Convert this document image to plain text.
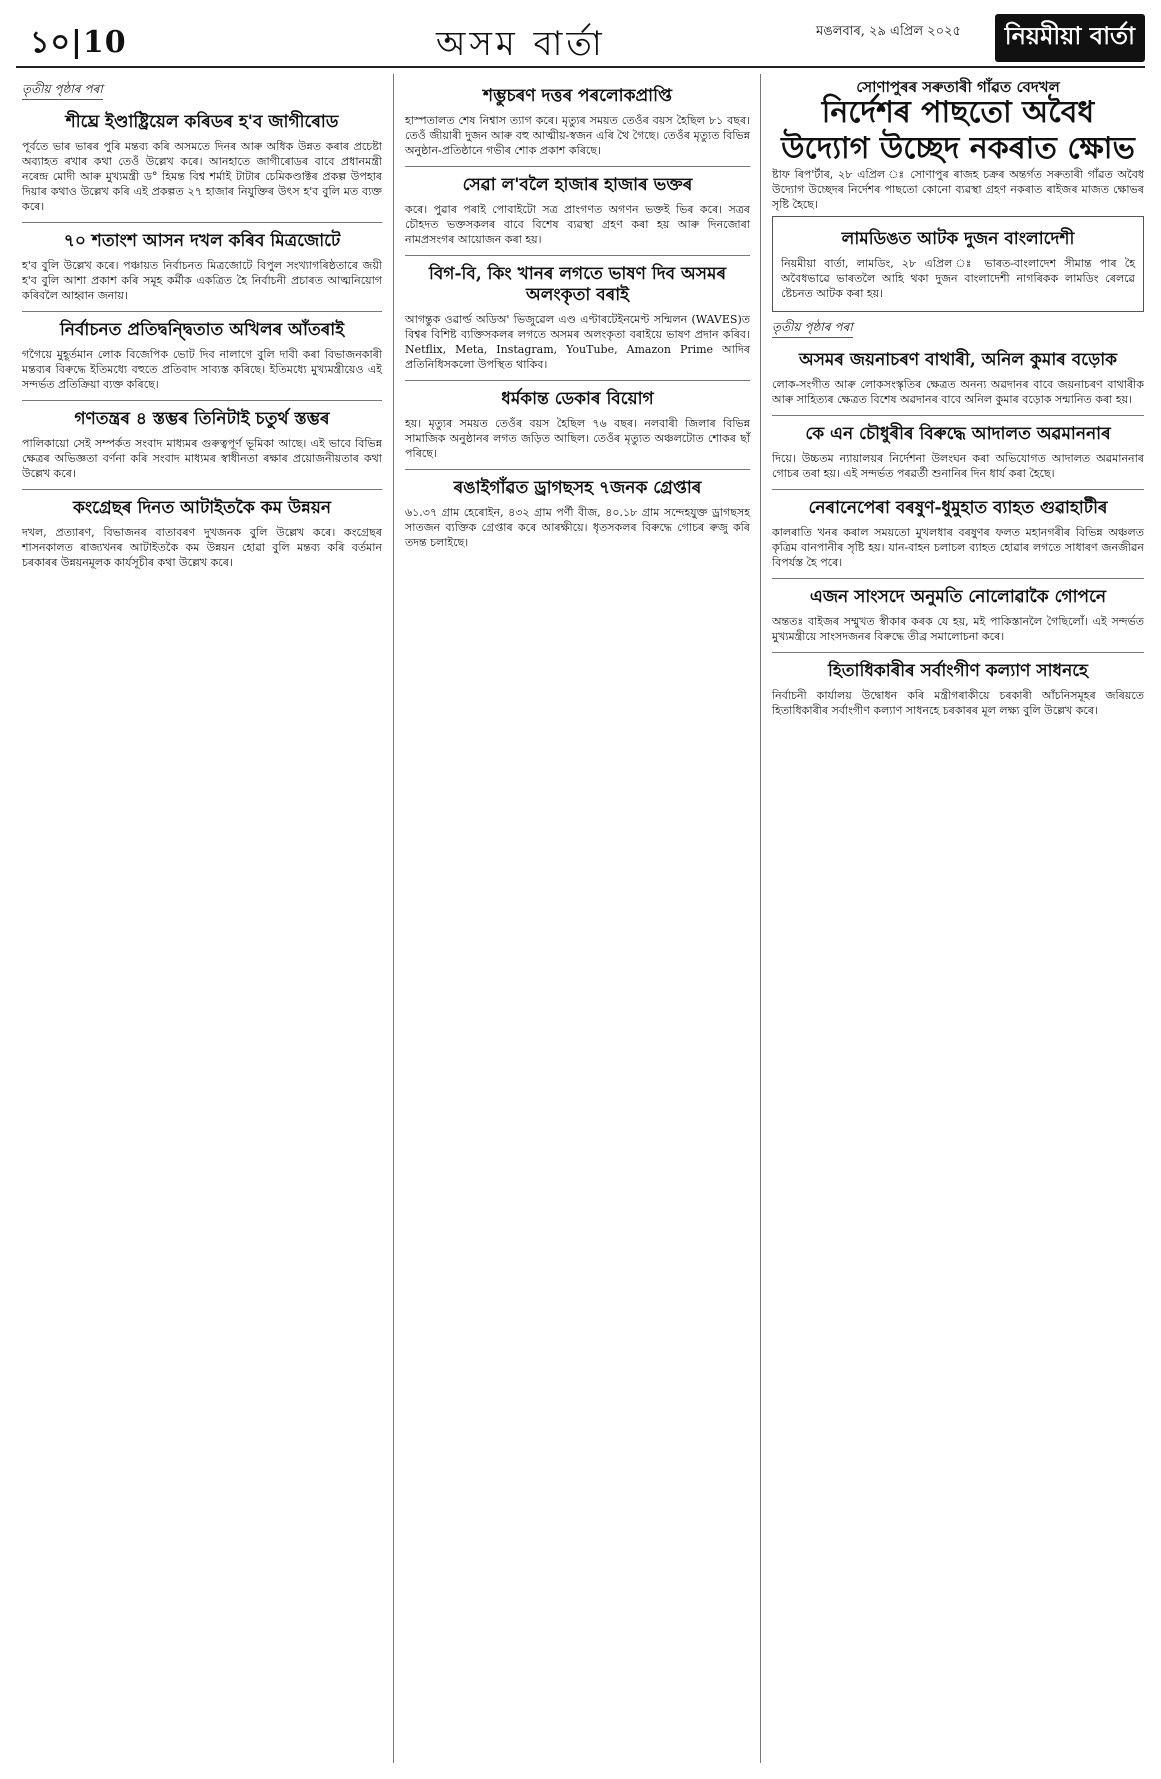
১০|10	অসম বাৰ্তা	মঙলবাৰ, ২৯ এপ্ৰিল ২০২৫	নিয়মীয়া বাৰ্তা
তৃতীয় পৃষ্ঠাৰ পৰা
শীঘ্ৰে ইণ্ডাষ্ট্ৰিয়েল কৰিডৰ হ'ব জাগীৰোড

পূৰ্বতে ভাৰ ভাৰৰ পুৰি মন্তব্য কৰি অসমতে দিনৰ আৰু অধিক উন্নত কৰাৰ প্ৰচেষ্টা অব্যাহত ৰখাৰ কথা তেওঁ উল্লেখ কৰে। আনহাতে জাগীৰোডৰ বাবে প্ৰধানমন্ত্ৰী নৰেন্দ্ৰ মোদী আৰু মুখ্যমন্ত্ৰী ড° হিমন্ত বিশ্ব শৰ্মাই টাটাৰ চেমিকণ্ডাক্টৰ প্ৰকল্প উপহাৰ দিয়াৰ কথাও উল্লেখ কৰি এই প্ৰকল্পত ২৭ হাজাৰ নিযুক্তিৰ উৎস হ'ব বুলি মত ব্যক্ত কৰে।

৭০ শতাংশ আসন দখল কৰিব মিত্ৰজোটে

হ'ব বুলি উল্লেখ কৰে। পঞ্চায়ত নিৰ্বাচনত মিত্ৰজোটে বিপুল সংখ্যাগৰিষ্ঠতাৰে জয়ী হ'ব বুলি আশা প্ৰকাশ কৰি সমূহ কৰ্মীক একত্ৰিত হৈ নিৰ্বাচনী প্ৰচাৰত আত্মনিয়োগ কৰিবলৈ আহ্বান জনায়।

নিৰ্বাচনত প্ৰতিদ্বন্দ্বিতাত অখিলৰ আঁতৰাই

গগৈয়ে মুহূৰ্তমান লোক বিজেপিক ভোট দিব নালাগে বুলি দাবী কৰা বিভাজনকাৰী মন্তব্যৰ বিৰুদ্ধে ইতিমধ্যে বহুতে প্ৰতিবাদ সাব্যস্ত কৰিছে। ইতিমধ্যে মুখ্যমন্ত্ৰীয়েও এই সন্দৰ্ভত প্ৰতিক্ৰিয়া ব্যক্ত কৰিছে।

গণতন্ত্ৰৰ ৪ স্তম্ভৰ তিনিটাই চতুৰ্থ স্তম্ভৰ

পালিকায়ো সেই সম্পৰ্কত সংবাদ মাধ্যমৰ গুৰুত্বপূৰ্ণ ভূমিকা আছে। এই ভাবে বিভিন্ন ক্ষেত্ৰৰ অভিজ্ঞতা বৰ্ণনা কৰি সংবাদ মাধ্যমৰ স্বাধীনতা ৰক্ষাৰ প্ৰয়োজনীয়তাৰ কথা উল্লেখ কৰে।

কংগ্ৰেছৰ দিনত আটাইতকৈ কম উন্নয়ন

দখল, প্ৰত্যাৰণ, বিভাজনৰ বাতাবৰণ দুখজনক বুলি উল্লেখ কৰে। কংগ্ৰেছৰ শাসনকালত ৰাজ্যখনৰ আটাইতকৈ কম উন্নয়ন হোৱা বুলি মন্তব্য কৰি বৰ্তমান চৰকাৰৰ উন্নয়নমূলক কাৰ্যসূচীৰ কথা উল্লেখ কৰে।

শম্ভুচৰণ দত্তৰ পৰলোকপ্ৰাপ্তি

হাস্পতালত শেষ নিশ্বাস ত্যাগ কৰে। মৃত্যুৰ সময়ত তেওঁৰ বয়স হৈছিল ৮১ বছৰ। তেওঁ জীয়াৰী দুজন আৰু বহু আত্মীয়-স্বজন এৰি থৈ গৈছে। তেওঁৰ মৃত্যুত বিভিন্ন অনুষ্ঠান-প্ৰতিষ্ঠানে গভীৰ শোক প্ৰকাশ কৰিছে।

সেৱা ল'বলৈ হাজাৰ হাজাৰ ভক্তৰ

কৰে। পুৱাৰ পৰাই পোবাইটো সত্ৰ প্ৰাংগণত অগণন ভক্তই ভিৰ কৰে। সত্ৰৰ চৌহদত ভক্তসকলৰ বাবে বিশেষ ব্যৱস্থা গ্ৰহণ কৰা হয় আৰু দিনজোৰা নামপ্ৰসংগৰ আয়োজন কৰা হয়।

বিগ-বি, কিং খানৰ লগতে ভাষণ দিব অসমৰ অলংকৃতা বৰাই

আগন্তুক ওৱাৰ্ল্ড অডিঅ' ভিজুৱেল এণ্ড এণ্টাৰটেইনমেণ্ট সন্মিলন (WAVES)ত বিশ্বৰ বিশিষ্ট ব্যক্তিসকলৰ লগতে অসমৰ অলংকৃতা বৰাইয়ে ভাষণ প্ৰদান কৰিব। Netflix, Meta, Instagram, YouTube, Amazon Prime আদিৰ প্ৰতিনিধিসকলো উপস্থিত থাকিব।

ধৰ্মকান্ত ডেকাৰ বিয়োগ

হয়। মৃত্যুৰ সময়ত তেওঁৰ বয়স হৈছিল ৭৬ বছৰ। নলবাৰী জিলাৰ বিভিন্ন সামাজিক অনুষ্ঠানৰ লগত জড়িত আছিল। তেওঁৰ মৃত্যুত অঞ্চলটোত শোকৰ ছাঁ পৰিছে।

ৰঙাইগাঁৱত ড্ৰাগছসহ ৭জনক গ্ৰেপ্তাৰ

৬১.৩৭ গ্ৰাম হেৰোইন, ৪৩২ গ্ৰাম পৰ্ণী বীজ, ৪০.১৮ গ্ৰাম সন্দেহযুক্ত ড্ৰাগছসহ সাতজন ব্যক্তিক গ্ৰেপ্তাৰ কৰে আৰক্ষীয়ে। ধৃতসকলৰ বিৰুদ্ধে গোচৰ ৰুজু কৰি তদন্ত চলাইছে।

সোণাপুৰৰ সৰুতাৰী গাঁৱত বেদখল
নিৰ্দেশৰ পাছতো অবৈধ
উদ্যোগ উচ্ছেদ নকৰাত ক্ষোভ

ষ্টাফ ৰিপ'ৰ্টাৰ, ২৮ এপ্ৰিল ঃ সোণাপুৰ ৰাজহ চক্ৰৰ অন্তৰ্গত সৰুতাৰী গাঁৱত অবৈধ উদ্যোগ উচ্ছেদৰ নিৰ্দেশৰ পাছতো কোনো ব্যৱস্থা গ্ৰহণ নকৰাত ৰাইজৰ মাজত ক্ষোভৰ সৃষ্টি হৈছে।

লামডিঙত আটক দুজন বাংলাদেশী

নিয়মীয়া বাৰ্তা, লামডিং, ২৮ এপ্ৰিল ঃ ভাৰত-বাংলাদেশ সীমান্ত পাৰ হৈ অবৈধভাৱে ভাৰতলৈ আহি থকা দুজন বাংলাদেশী নাগৰিকক লামডিং ৰেলৱে ষ্টেচনত আটক কৰা হয়।

তৃতীয় পৃষ্ঠাৰ পৰা
অসমৰ জয়নাচৰণ বাথাৰী, অনিল কুমাৰ বড়োক

লোক-সংগীত আৰু লোকসংস্কৃতিৰ ক্ষেত্ৰত অনন্য অৱদানৰ বাবে জয়নাচৰণ বাথাৰীক আৰু সাহিত্যৰ ক্ষেত্ৰত বিশেষ অৱদানৰ বাবে অনিল কুমাৰ বড়োক সন্মানিত কৰা হয়।

কে এন চৌধুৰীৰ বিৰুদ্ধে আদালত অৱমাননাৰ

দিয়ে। উচ্চতম ন্যায়ালয়ৰ নিৰ্দেশনা উলংঘন কৰা অভিযোগত আদালত অৱমাননাৰ গোচৰ তৰা হয়। এই সন্দৰ্ভত পৰৱৰ্তী শুনানিৰ দিন ধাৰ্য কৰা হৈছে।

নেৰানেপেৰা বৰষুণ-ধুমুহাত ব্যাহত গুৱাহাটীৰ

কালৰাতি খনৰ কৰাল সময়তো মুখলধাৰ বৰষুণৰ ফলত মহানগৰীৰ বিভিন্ন অঞ্চলত কৃত্ৰিম বানপানীৰ সৃষ্টি হয়। যান-বাহন চলাচল ব্যাহত হোৱাৰ লগতে সাধাৰণ জনজীৱন বিপৰ্যস্ত হৈ পৰে।

এজন সাংসদে অনুমতি নোলোৱাকৈ গোপনে

অন্ততঃ বাইজৰ সম্মুখত স্বীকাৰ কৰক যে হয়, মই পাকিস্তানলৈ গৈছিলোঁ। এই সন্দৰ্ভত মুখ্যমন্ত্ৰীয়ে সাংসদজনৰ বিৰুদ্ধে তীব্ৰ সমালোচনা কৰে।

হিতাধিকাৰীৰ সৰ্বাংগীণ কল্যাণ সাধনহে

নিৰ্বাচনী কাৰ্যালয় উদ্বোধন কৰি মন্ত্ৰীগৰাকীয়ে চৰকাৰী আঁচনিসমূহৰ জৰিয়তে হিতাধিকাৰীৰ সৰ্বাংগীণ কল্যাণ সাধনহে চৰকাৰৰ মূল লক্ষ্য বুলি উল্লেখ কৰে।
